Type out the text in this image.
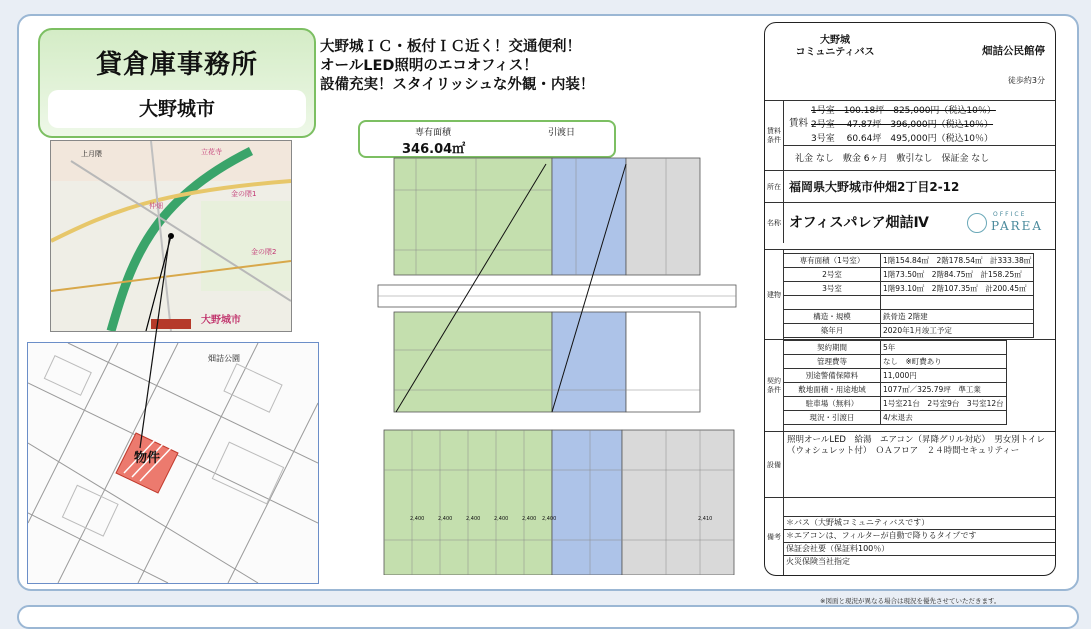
貸倉庫事務所
大野城市
大野城ＩＣ・板付ＩＣ近く！交通便利！
オールLED照明のエコオフィス！
設備充実！スタイリッシュな外観・内装！
大野城市
立花寺
上月隈
金の隈1
金の隈2
仲畑
物件
畑詰公園
専有面積	引渡日
346.04㎡
2,400	2,400	2,400	2,400	2,400 2,400	2,410
大野城
コミュニティバス	畑詰公民館停
徒歩約3分
賃料条件
賃料
1号室　100.18坪　825,000円（税込10％）
2号室　 47.87坪　396,000円（税込10％）
3号室　 60.64坪　495,000円（税込10％）
礼金 なし　敷金 6ヶ月　敷引なし　保証金 なし
所在 福岡県大野城市仲畑2丁目2-12
名称 オフィスパレア畑詰Ⅳ
OFFICE
PAREA
建物
専有面積（1号室）	1階154.84㎡　2階178.54㎡　計333.38㎡
2号室	1階73.50㎡　2階84.75㎡　計158.25㎡
3号室	1階93.10㎡　2階107.35㎡　計200.45㎡

構造・規模	鉄骨造 2階建
築年月	2020年1月竣工予定
契約条件
契約期間	5年
管理費等	なし　※町費あり
別途警備保障料	11,000円
敷地面積・用途地域	1077㎡／325.79坪　準工業
駐車場（無料）	1号室21台　2号室9台　3号室12台
現況・引渡日	4/末退去
設備
照明オールLED　給湯　エアコン（昇降グリル対応）　男女別トイレ（ウォシュレット付）　ＯＡフロア　２４時間セキュリティー
備考
＊バス（大野城コミュニティバスです）
＊エアコンは、フィルターが自動で降りるタイプです
保証会社要（保証料100％）
火災保険当社指定
※図面と現況が異なる場合は現況を優先させていただきます。
